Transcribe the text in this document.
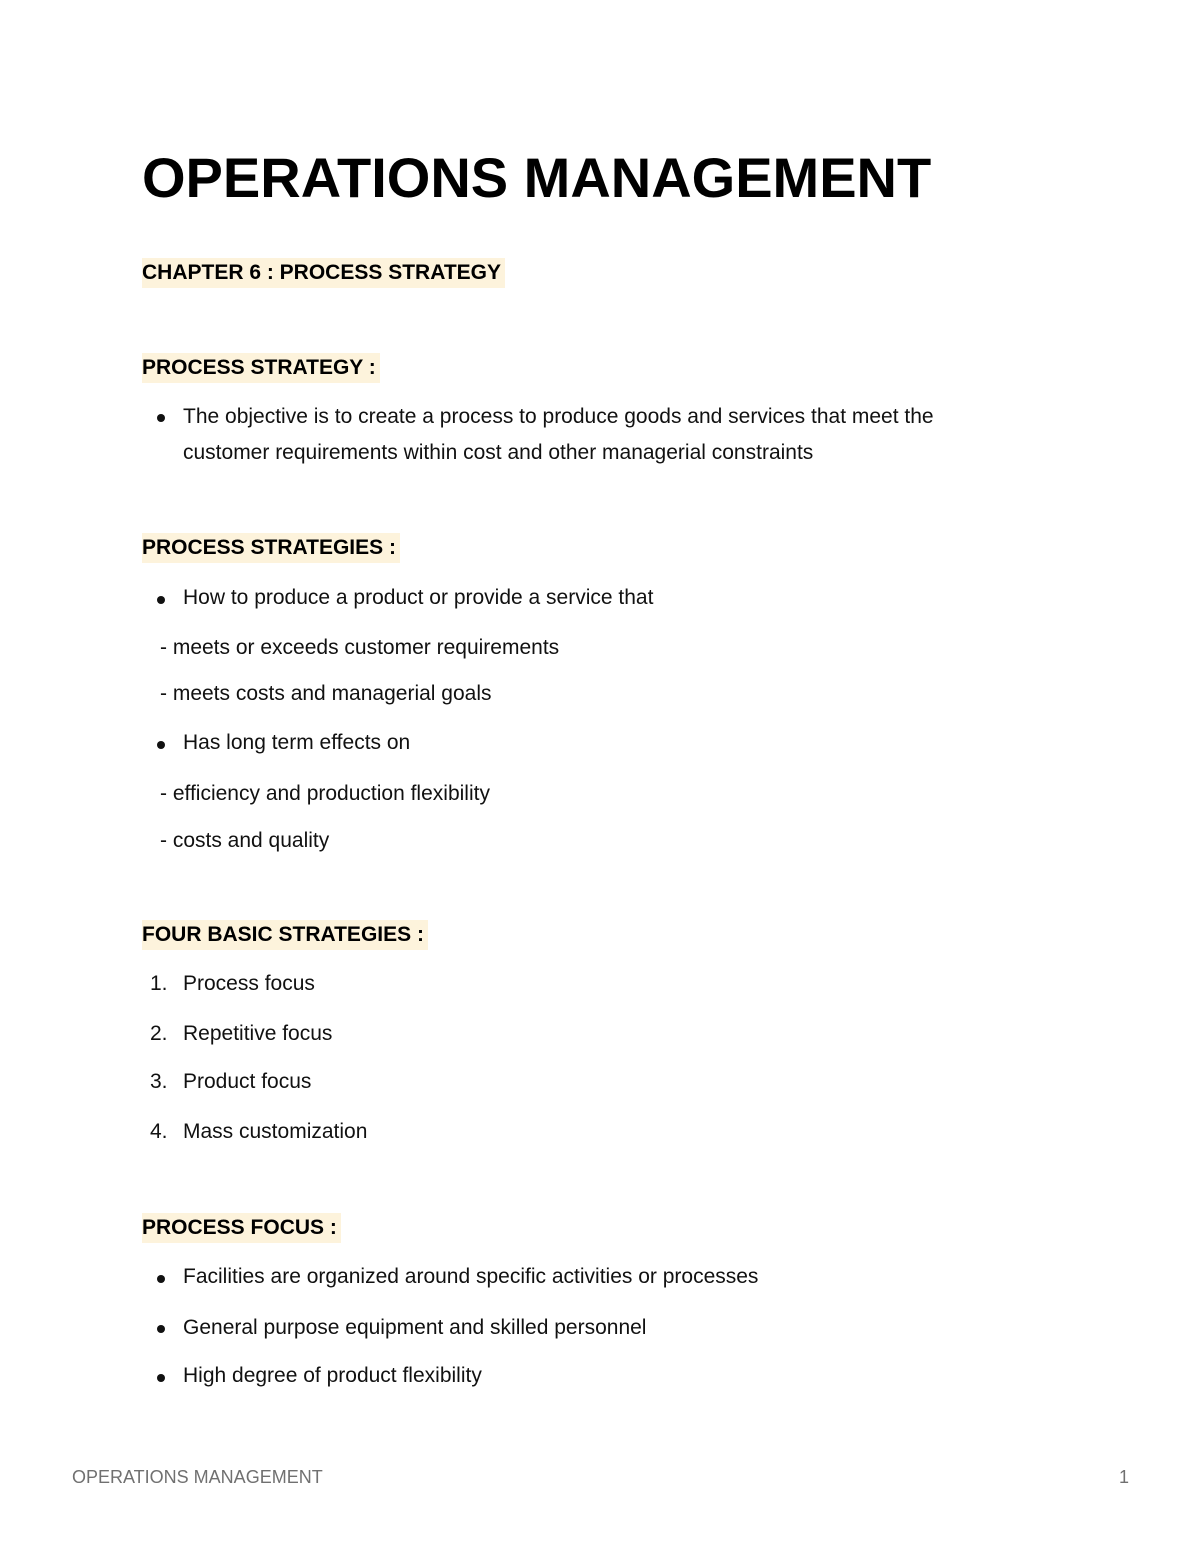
OPERATIONS MANAGEMENT
CHAPTER 6 : PROCESS STRATEGY
PROCESS STRATEGY :
The objective is to create a process to produce goods and services that meet the
customer requirements within cost and other managerial constraints
PROCESS STRATEGIES :
How to produce a product or provide a service that
- meets or exceeds customer requirements
- meets costs and managerial goals
Has long term effects on
- efficiency and production flexibility
- costs and quality
FOUR BASIC STRATEGIES :
1. Process focus
2. Repetitive focus
3. Product focus
4. Mass customization
PROCESS FOCUS :
Facilities are organized around specific activities or processes
General purpose equipment and skilled personnel
High degree of product flexibility
OPERATIONS MANAGEMENT	1
